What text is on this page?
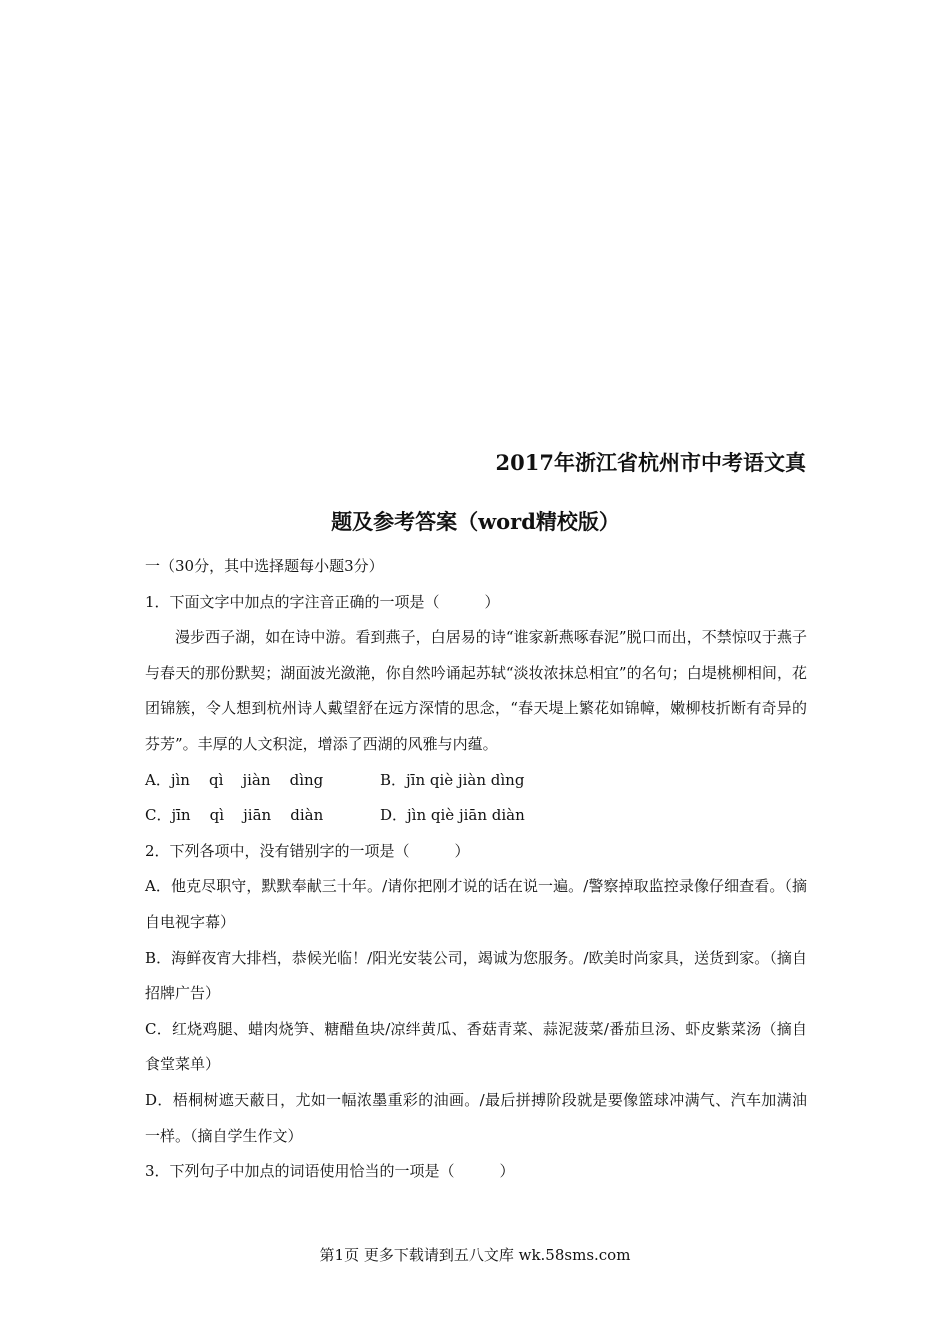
2017年浙江省杭州市中考语文真
题及参考答案（word精校版）
一（30分，其中选择题每小题3分）
1．下面文字中加点的字注音正确的一项是（　　　）
漫步西子湖，如在诗中游。看到燕子，白居易的诗“谁家新燕啄春泥”脱口而出，不禁惊叹于燕子与春天的那份默契；湖面波光潋滟，你自然吟诵起苏轼“淡妆浓抹总相宜”的名句；白堤桃柳相间，花团锦簇，令人想到杭州诗人戴望舒在远方深情的思念，“春天堤上繁花如锦幛，嫩柳枝折断有奇异的芬芳”。丰厚的人文积淀，增添了西湖的风雅与内蕴。
A．jìn    qì    jiàn    dìng	B．jīn qiè jiàn dìng
C．jīn    qì    jiān    diàn	D．jìn qiè jiān diàn
2．下列各项中，没有错别字的一项是（　　　）
A．他克尽职守，默默奉献三十年。/请你把刚才说的话在说一遍。/警察掉取监控录像仔细查看。（摘自电视字幕）
B．海鲜夜宵大排档，恭候光临！/阳光安装公司，竭诚为您服务。/欧美时尚家具，送货到家。（摘自招牌广告）
C．红烧鸡腿、蜡肉烧笋、糖醋鱼块/凉绊黄瓜、香菇青菜、蒜泥菠菜/番茄旦汤、虾皮紫菜汤（摘自食堂菜单）
D．梧桐树遮天蔽日，尤如一幅浓墨重彩的油画。/最后拼搏阶段就是要像篮球冲满气、汽车加满油一样。（摘自学生作文）
3．下列句子中加点的词语使用恰当的一项是（　　　）
第1页 更多下载请到五八文库 wk.58sms.com
